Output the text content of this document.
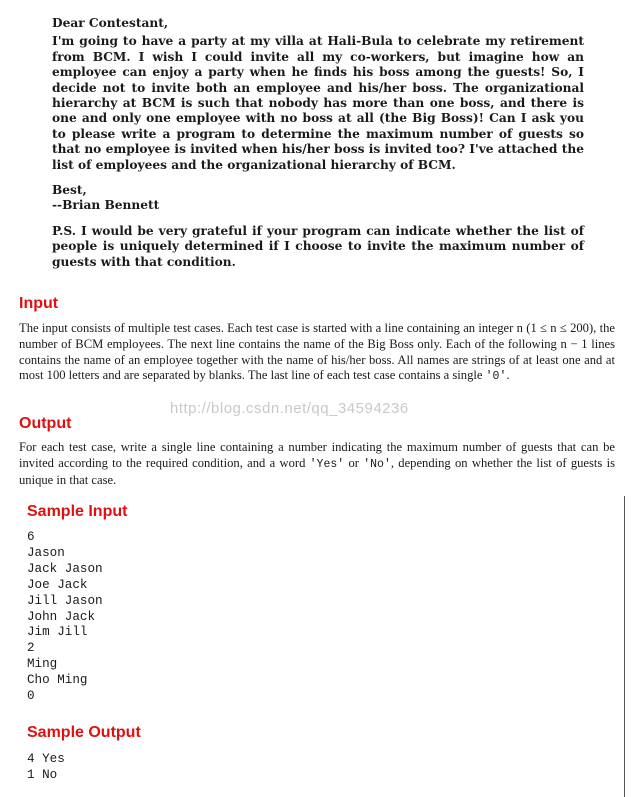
Dear Contestant,

I'm going to have a party at my villa at Hali-Bula to celebrate my retirement from BCM. I wish I could invite all my co-workers, but imagine how an employee can enjoy a party when he finds his boss among the guests! So, I decide not to invite both an employee and his/her boss. The organizational hierarchy at BCM is such that nobody has more than one boss, and there is one and only one employee with no boss at all (the Big Boss)! Can I ask you to please write a program to determine the maximum number of guests so that no employee is invited when his/her boss is invited too? I've attached the list of employees and the organizational hierarchy of BCM.

Best,

--Brian Bennett

P.S. I would be very grateful if your program can indicate whether the list of people is uniquely determined if I choose to invite the maximum number of guests with that condition.

Input

The input consists of multiple test cases. Each test case is started with a line containing an integer n (1 ≤ n ≤ 200), the number of BCM employees. The next line contains the name of the Big Boss only. Each of the following n − 1 lines contains the name of an employee together with the name of his/her boss. All names are strings of at least one and at most 100 letters and are separated by blanks. The last line of each test case contains a single '0'.

http://blog.csdn.net/qq_34594236
Output

For each test case, write a single line containing a number indicating the maximum number of guests that can be invited according to the required condition, and a word 'Yes' or 'No', depending on whether the list of guests is unique in that case.

Sample Input
6
Jason
Jack Jason
Joe Jack
Jill Jason
John Jack
Jim Jill
2
Ming
Cho Ming
0
Sample Output
4 Yes
1 No
